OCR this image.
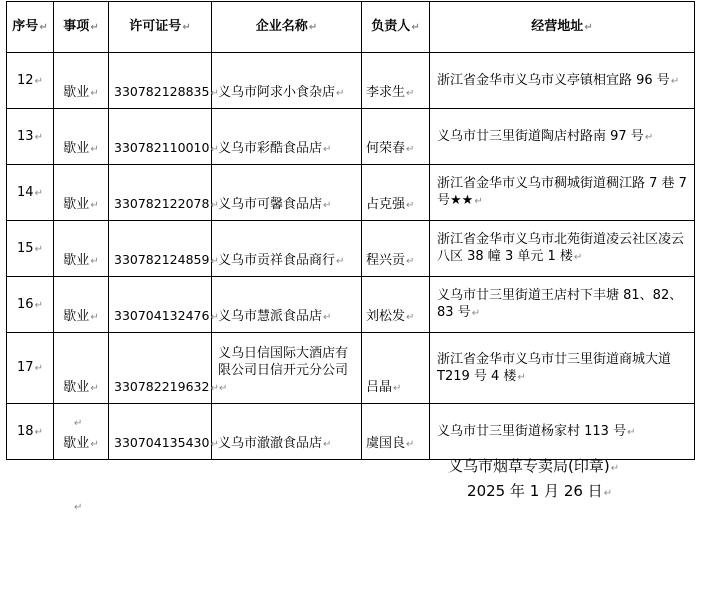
序号↵	事项↵	许可证号↵	企业名称↵	负责人↵	经营地址↵
12↵	歇业↵	330782128835↵	义乌市阿求小食杂店↵	李求生↵	浙江省金华市义乌市义亭镇相宜路 96 号↵
13↵	歇业↵	330782110010↵	义乌市彩酷食品店↵	何荣春↵	义乌市廿三里街道陶店村路南 97 号↵
14↵	歇业↵	330782122078↵	义乌市可馨食品店↵	占克强↵	浙江省金华市义乌市稠城街道稠江路 7 巷 7 号★★↵
15↵	歇业↵	330782124859↵	义乌市贡祥食品商行↵	程兴贡↵	浙江省金华市义乌市北苑街道凌云社区凌云八区 38 幢 3 单元 1 楼↵
16↵	歇业↵	330704132476↵	义乌市慧派食品店↵	刘松发↵	义乌市廿三里街道王店村下丰塘 81、82、83 号↵
17↵	歇业↵	330782219632↵	义乌日信国际大酒店有限公司日信开元分公司↵	吕晶↵	浙江省金华市义乌市廿三里街道商城大道 T219 号 4 楼↵
18↵	歇业↵	330704135430↵	义乌市澈澈食品店↵	虞国良↵	义乌市廿三里街道杨家村 113 号↵
↵
义乌市烟草专卖局(印章)↵
2025 年 1 月 26 日↵
↵
